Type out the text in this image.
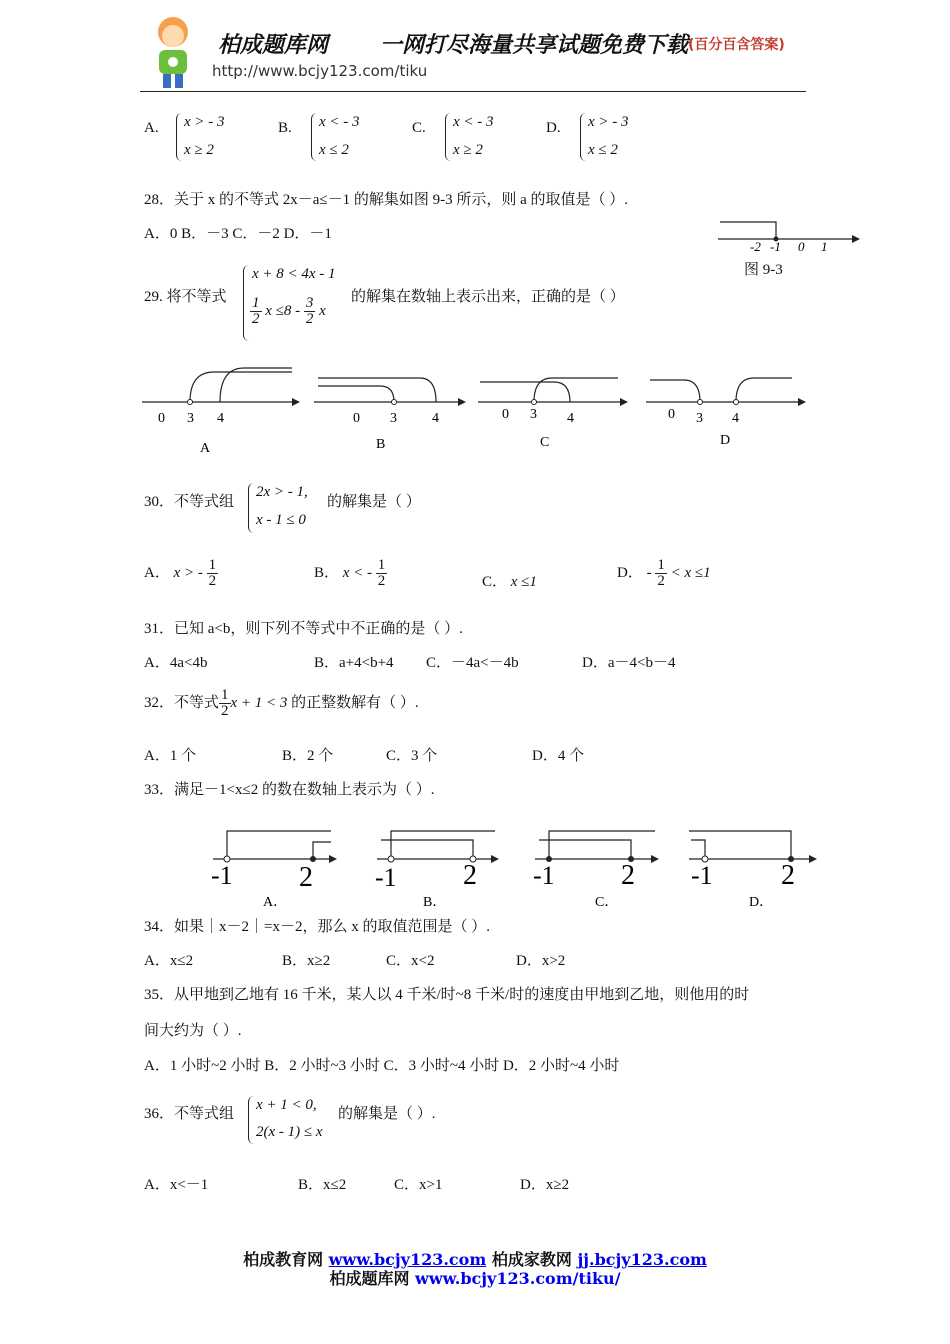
柏成题库网 一网打尽海量共享试题免费下载 (百分百含答案)
http://www.bcjy123.com/tiku
A. x > - 3
x ≥ 2
B. x < - 3
x ≤ 2
C. x < - 3
x ≥ 2
D. x > - 3
x ≤ 2
28．关于 x 的不等式 2x－a≤－1 的解集如图 9-3 所示，则 a 的取值是（ ）.
A．0 B．－3 C．－2 D．－1
-2 -1 0 1
图 9-3
29. 将不等式
x + 8 < 4x - 1
$\frac{1}{2}$ $x \le 8 - \frac{3}{2}$ x
的解集在数轴上表示出来，正确的是（ ）
0 3 4
A
0 3	4
B
0 3 4
C
0 3 4
D
30．不等式组
2x > - 1,
x - 1 ≤ 0
的解集是（ ）
A． x > - $\frac{1}{2}$	B． x < - $\frac{1}{2}$	C． x ≤1
D． - $\frac{1}{2} < x \le 1$
31．已知 a<b，则下列不等式中不正确的是（ ）.
A．4a<4b	B．a+4<b+4 C．－4a<－4b	D．a－4<b－4
32．不等式 $\frac{1}{2}$ x + 1 < 3 的正整数解有（ ）.
A．1 个	B．2 个	C．3 个	D．4 个
33．满足－1<x≤2 的数在数轴上表示为（ ）.
-1 2
A．
-1 2
B．
-1 2
C．
-1 2
D．
34．如果｜x－2｜=x－2，那么 x 的取值范围是（ ）.
A．x≤2	B．x≥2	C．x<2	D．x>2
35．从甲地到乙地有 16 千米，某人以 4 千米/时~8 千米/时的速度由甲地到乙地，则他用的时
间大约为（ ）.
A．1 小时~2 小时 B．2 小时~3 小时 C．3 小时~4 小时 D．2 小时~4 小时
36．不等式组
x + 1 < 0,
2(x - 1) ≤ x
的解集是（ ）.
A．x<－1	B．x≤2	C．x>1	D．x≥2
柏成教育网 www.bcjy123.com 柏成家教网 jj.bcjy123.com
柏成题库网 www.bcjy123.com/tiku/
